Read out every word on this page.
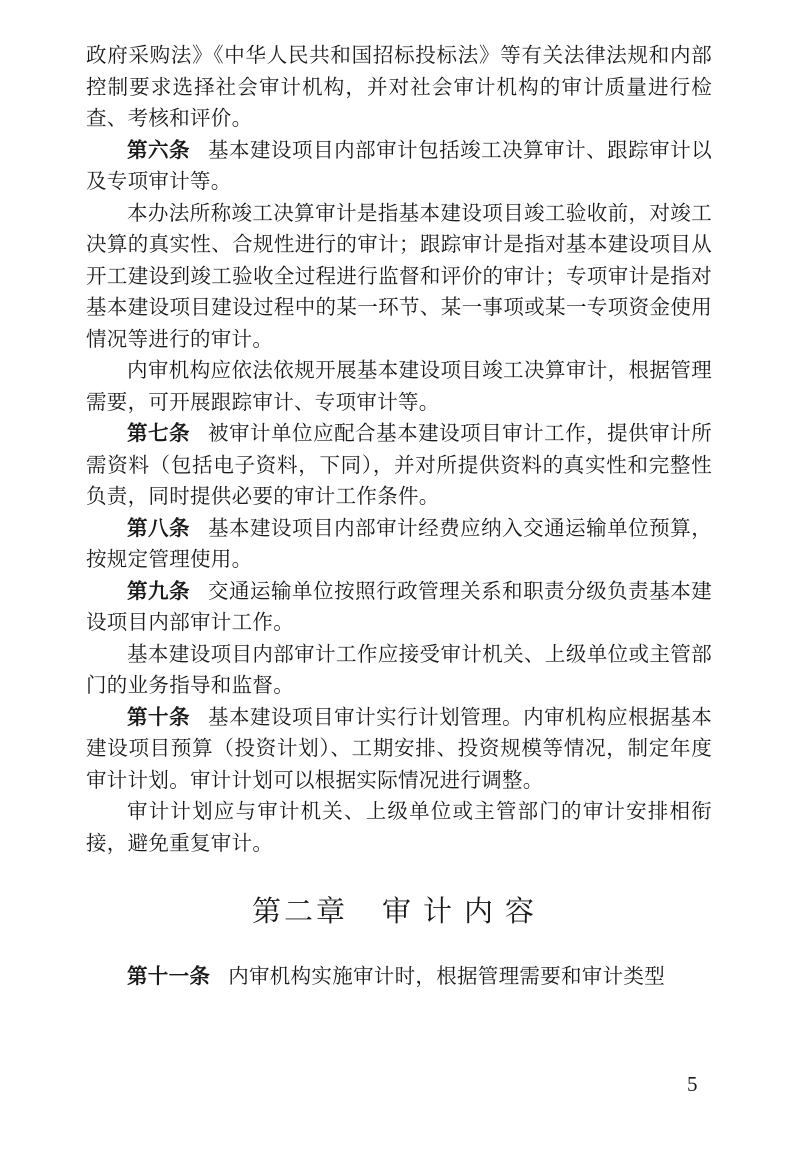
政府采购法》《中华人民共和国招标投标法》等有关法律法规和内部控制要求选择社会审计机构，并对社会审计机构的审计质量进行检查、考核和评价。

第六条 基本建设项目内部审计包括竣工决算审计、跟踪审计以及专项审计等。

本办法所称竣工决算审计是指基本建设项目竣工验收前，对竣工决算的真实性、合规性进行的审计；跟踪审计是指对基本建设项目从开工建设到竣工验收全过程进行监督和评价的审计；专项审计是指对基本建设项目建设过程中的某一环节、某一事项或某一专项资金使用情况等进行的审计。

内审机构应依法依规开展基本建设项目竣工决算审计，根据管理需要，可开展跟踪审计、专项审计等。

第七条 被审计单位应配合基本建设项目审计工作，提供审计所需资料（包括电子资料，下同），并对所提供资料的真实性和完整性负责，同时提供必要的审计工作条件。

第八条 基本建设项目内部审计经费应纳入交通运输单位预算，按规定管理使用。

第九条 交通运输单位按照行政管理关系和职责分级负责基本建设项目内部审计工作。

基本建设项目内部审计工作应接受审计机关、上级单位或主管部门的业务指导和监督。

第十条 基本建设项目审计实行计划管理。内审机构应根据基本建设项目预算（投资计划）、工期安排、投资规模等情况，制定年度审计计划。审计计划可以根据实际情况进行调整。

审计计划应与审计机关、上级单位或主管部门的审计安排相衔接，避免重复审计。

第二章 审计内容

第十一条 内审机构实施审计时，根据管理需要和审计类型

5
